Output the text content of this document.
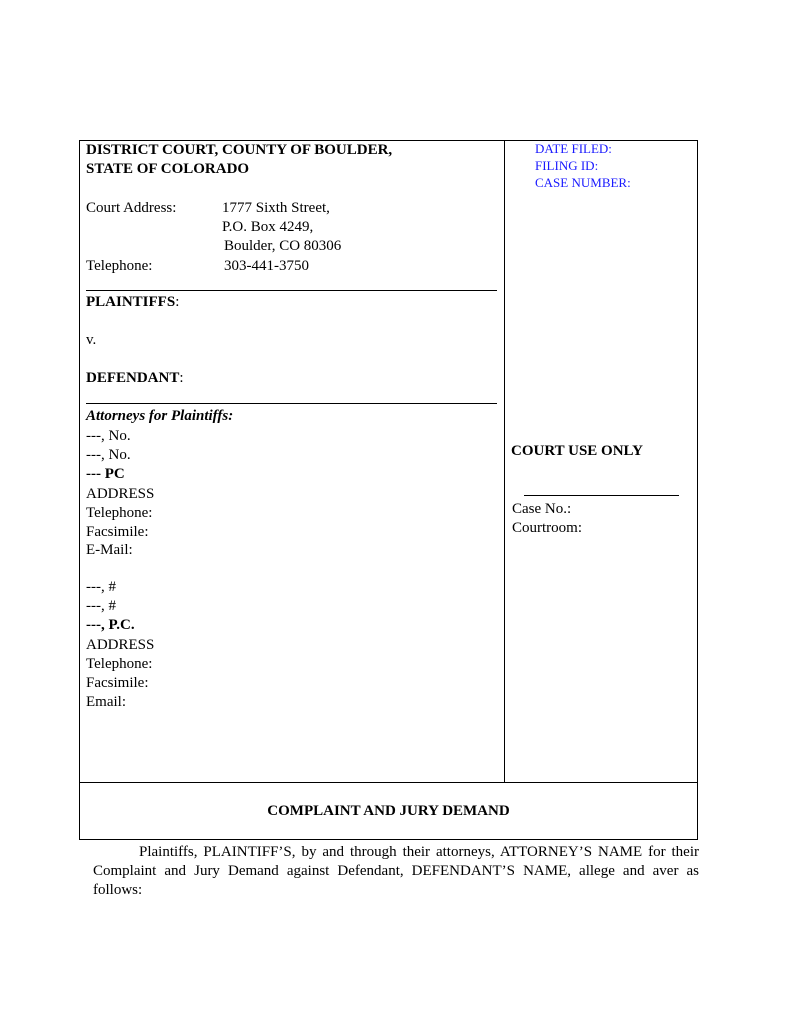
DISTRICT COURT, COUNTY OF BOULDER,
STATE OF COLORADO
Court Address:	1777 Sixth Street,
P.O. Box 4249,
Boulder, CO 80306
Telephone:	303-441-3750
PLAINTIFFS:
v.
DEFENDANT:
Attorneys for Plaintiffs:
---, No.
---, No.
--- PC
ADDRESS
Telephone:
Facsimile:
E-Mail:
---, #
---, #
---, P.C.
ADDRESS
Telephone:
Facsimile:
Email:
DATE FILED:
FILING ID:
CASE NUMBER:
COURT USE ONLY
Case No.:
Courtroom:
COMPLAINT AND JURY DEMAND
Plaintiffs, PLAINTIFF’S, by and through their attorneys, ATTORNEY’S NAME for their Complaint and Jury Demand against Defendant, DEFENDANT’S NAME, allege and aver as follows:
